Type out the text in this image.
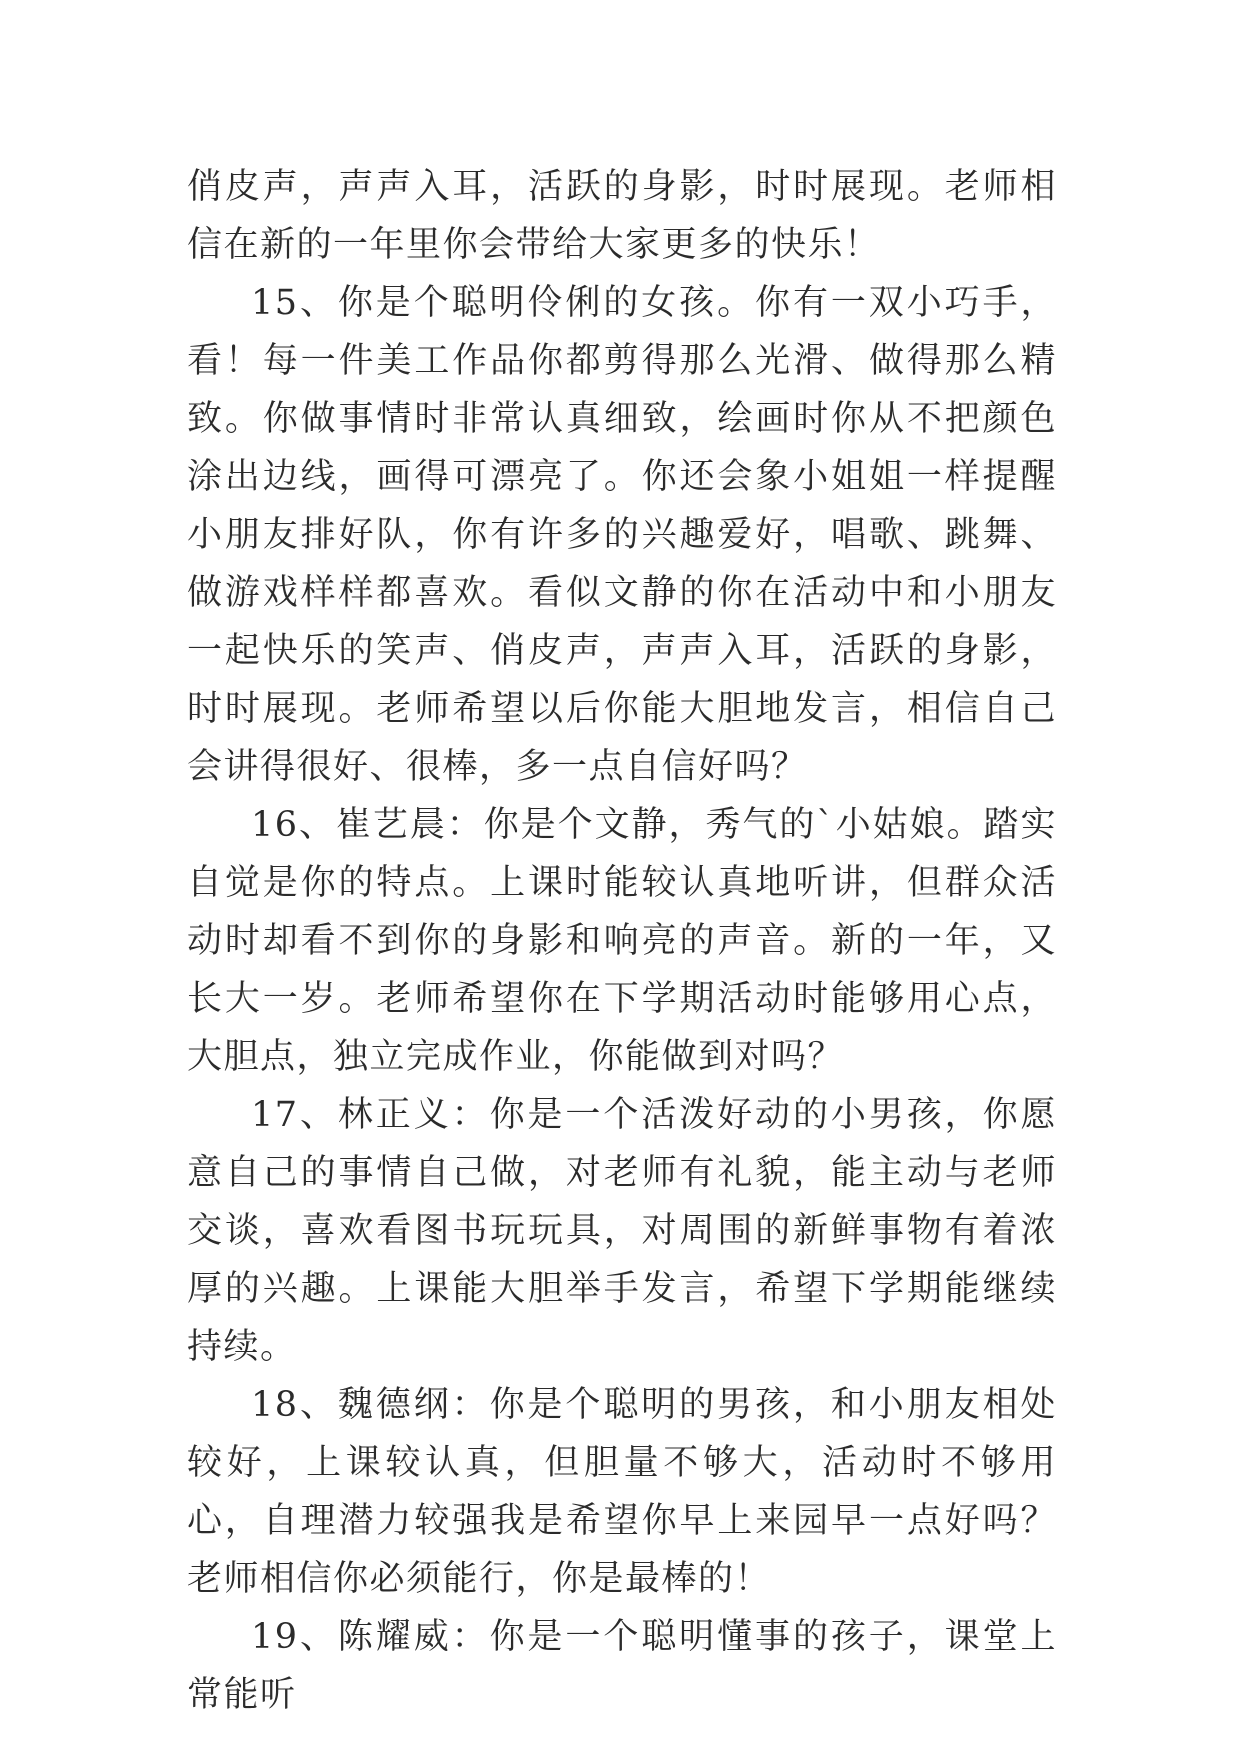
俏皮声，声声入耳，活跃的身影，时时展现。老师相信在新的一年里你会带给大家更多的快乐！

15、你是个聪明伶俐的女孩。你有一双小巧手，看！每一件美工作品你都剪得那么光滑、做得那么精致。你做事情时非常认真细致，绘画时你从不把颜色涂出边线，画得可漂亮了。你还会象小姐姐一样提醒小朋友排好队，你有许多的兴趣爱好，唱歌、跳舞、做游戏样样都喜欢。看似文静的你在活动中和小朋友一起快乐的笑声、俏皮声，声声入耳，活跃的身影，时时展现。老师希望以后你能大胆地发言，相信自己会讲得很好、很棒，多一点自信好吗？

16、崔艺晨：你是个文静，秀气的`小姑娘。踏实自觉是你的特点。上课时能较认真地听讲，但群众活动时却看不到你的身影和响亮的声音。新的一年，又长大一岁。老师希望你在下学期活动时能够用心点，大胆点，独立完成作业，你能做到对吗？

17、林正义：你是一个活泼好动的小男孩，你愿意自己的事情自己做，对老师有礼貌，能主动与老师交谈，喜欢看图书玩玩具，对周围的新鲜事物有着浓厚的兴趣。上课能大胆举手发言，希望下学期能继续持续。

18、魏德纲：你是个聪明的男孩，和小朋友相处较好，上课较认真，但胆量不够大，活动时不够用心，自理潜力较强我是希望你早上来园早一点好吗？老师相信你必须能行，你是最棒的！

19、陈耀威：你是一个聪明懂事的孩子，课堂上常能听
